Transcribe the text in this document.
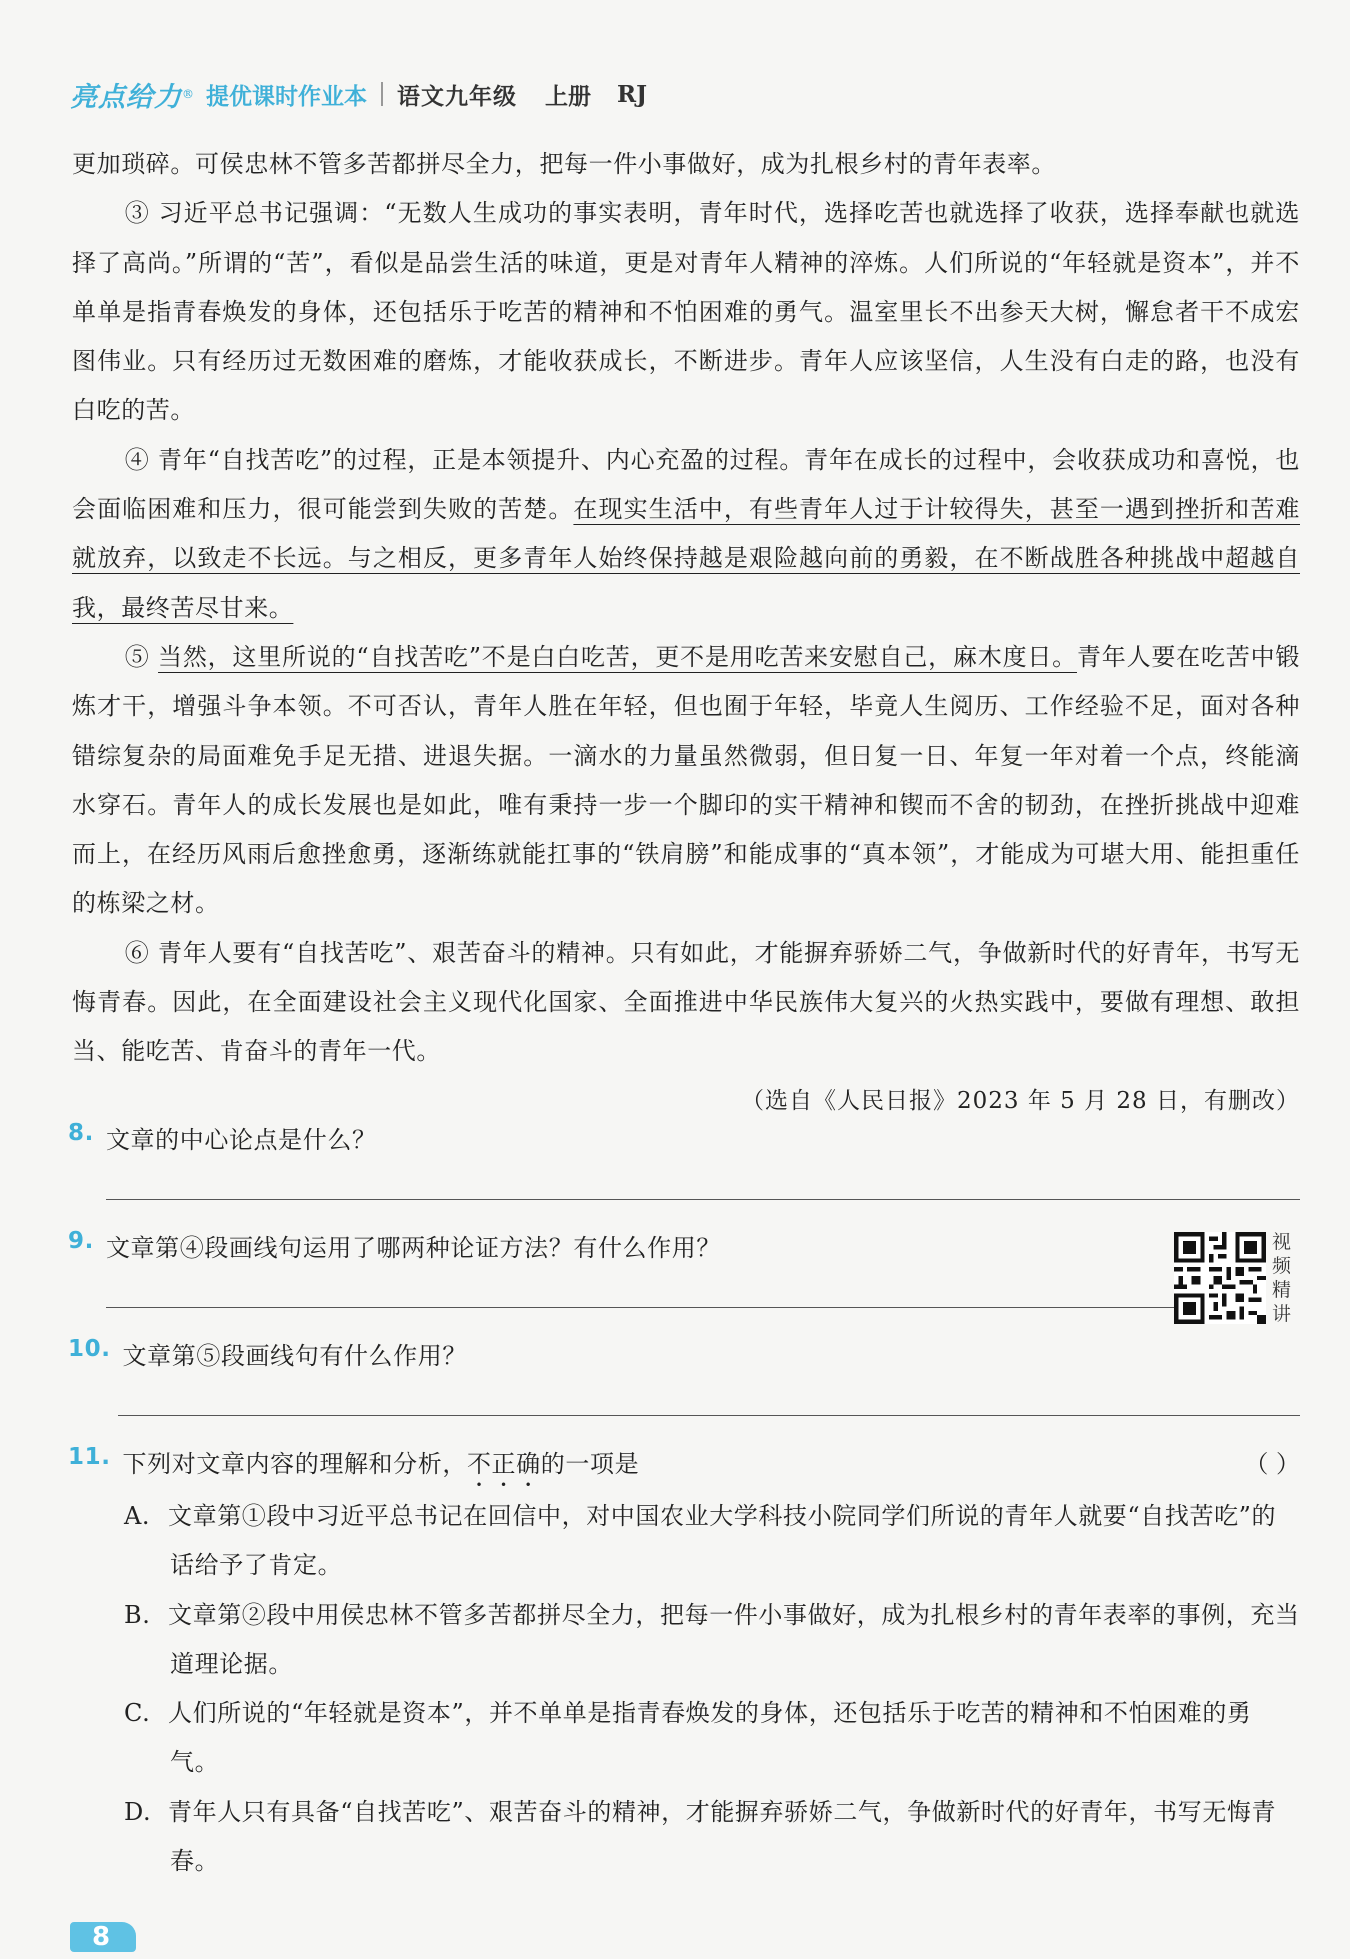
亮点给力 ® 提优课时作业本 语文九年级 上册 RJ

更加琐碎。可侯忠林不管多苦都拼尽全力，把每一件小事做好，成为扎根乡村的青年表率。

③ 习近平总书记强调：“无数人生成功的事实表明，青年时代，选择吃苦也就选择了收获，选择奉献也就选择了高尚。”所谓的“苦”，看似是品尝生活的味道，更是对青年人精神的淬炼。人们所说的“年轻就是资本”，并不单单是指青春焕发的身体，还包括乐于吃苦的精神和不怕困难的勇气。温室里长不出参天大树，懈怠者干不成宏图伟业。只有经历过无数困难的磨炼，才能收获成长，不断进步。青年人应该坚信，人生没有白走的路，也没有白吃的苦。

④ 青年“自找苦吃”的过程，正是本领提升、内心充盈的过程。青年在成长的过程中，会收获成功和喜悦，也会面临困难和压力，很可能尝到失败的苦楚。在现实生活中，有些青年人过于计较得失，甚至一遇到挫折和苦难就放弃，以致走不长远。与之相反，更多青年人始终保持越是艰险越向前的勇毅，在不断战胜各种挑战中超越自我，最终苦尽甘来。

⑤ 当然，这里所说的“自找苦吃”不是白白吃苦，更不是用吃苦来安慰自己，麻木度日。青年人要在吃苦中锻炼才干，增强斗争本领。不可否认，青年人胜在年轻，但也囿于年轻，毕竟人生阅历、工作经验不足，面对各种错综复杂的局面难免手足无措、进退失据。一滴水的力量虽然微弱，但日复一日、年复一年对着一个点，终能滴水穿石。青年人的成长发展也是如此，唯有秉持一步一个脚印的实干精神和锲而不舍的韧劲，在挫折挑战中迎难而上，在经历风雨后愈挫愈勇，逐渐练就能扛事的“铁肩膀”和能成事的“真本领”，才能成为可堪大用、能担重任的栋梁之材。

⑥ 青年人要有“自找苦吃”、艰苦奋斗的精神。只有如此，才能摒弃骄娇二气，争做新时代的好青年，书写无悔青春。因此，在全面建设社会主义现代化国家、全面推进中华民族伟大复兴的火热实践中，要做有理想、敢担当、能吃苦、肯奋斗的青年一代。

（选自《人民日报》2023 年 5 月 28 日，有删改）

8. 文章的中心论点是什么？
9. 文章第④段画线句运用了哪两种论证方法？有什么作用？
10. 文章第⑤段画线句有什么作用？
11. 下列对文章内容的理解和分析， 不正确 的一项是	（ ）
A. 文章第①段中习近平总书记在回信中，对中国农业大学科技小院同学们所说的青年人就要“自找苦吃”的话给予了肯定。
B. 文章第②段中用侯忠林不管多苦都拼尽全力，把每一件小事做好，成为扎根乡村的青年表率的事例，充当道理论据。
C. 人们所说的“年轻就是资本”，并不单单是指青春焕发的身体，还包括乐于吃苦的精神和不怕困难的勇气。
D. 青年人只有具备“自找苦吃”、艰苦奋斗的精神，才能摒弃骄娇二气，争做新时代的好青年，书写无悔青春。
视频精讲
8
